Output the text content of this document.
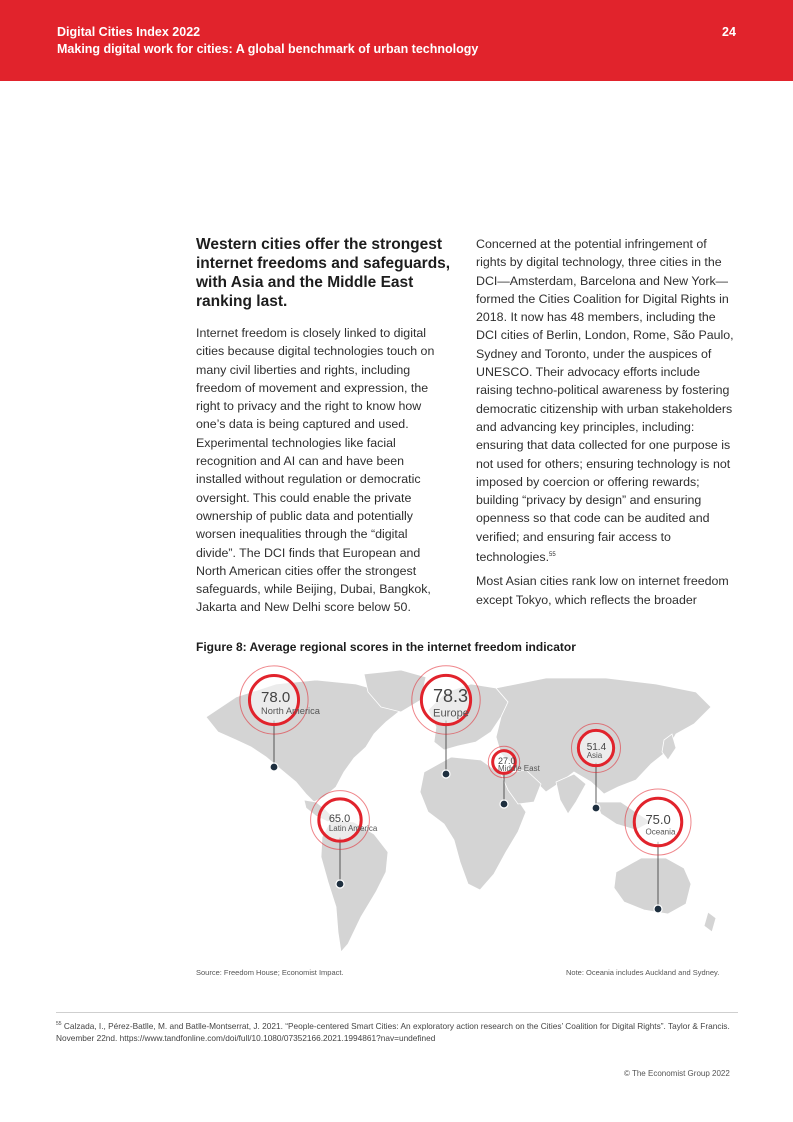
Digital Cities Index 2022
Making digital work for cities: A global benchmark of urban technology
24
Western cities offer the strongest internet freedoms and safeguards, with Asia and the Middle East ranking last.
Internet freedom is closely linked to digital cities because digital technologies touch on many civil liberties and rights, including freedom of movement and expression, the right to privacy and the right to know how one’s data is being captured and used. Experimental technologies like facial recognition and AI can and have been installed without regulation or democratic oversight. This could enable the private ownership of public data and potentially worsen inequalities through the “digital divide”. The DCI finds that European and North American cities offer the strongest safeguards, while Beijing, Dubai, Bangkok, Jakarta and New Delhi score below 50.

Concerned at the potential infringement of rights by digital technology, three cities in the DCI—Amsterdam, Barcelona and New York—formed the Cities Coalition for Digital Rights in 2018. It now has 48 members, including the DCI cities of Berlin, London, Rome, São Paulo, Sydney and Toronto, under the auspices of UNESCO. Their advocacy efforts include raising techno-political awareness by fostering democratic citizenship with urban stakeholders and advancing key principles, including: ensuring that data collected for one purpose is not used for others; ensuring technology is not imposed by coercion or offering rewards; building “privacy by design” and ensuring openness so that code can be audited and verified; and ensuring fair access to technologies.$^{55}$

Most Asian cities rank low on internet freedom except Tokyo, which reflects the broader

Figure 8: Average regional scores in the internet freedom indicator
78.0
North America
78.3
Europe
27.0
Middle East
51.4
Asia
65.0
Latin America
75.0
Oceania
Source: Freedom House; Economist Impact.	Note: Oceania includes Auckland and Sydney.
$^{55}$ Calzada, I., Pérez-Batlle, M. and Batlle-Montserrat, J. 2021. “People-centered Smart Cities: An exploratory action research on the Cities’ Coalition for Digital Rights”. Taylor & Francis. November 22nd. https://www.tandfonline.com/doi/full/10.1080/07352166.2021.1994861?nav=undefined
© The Economist Group 2022
